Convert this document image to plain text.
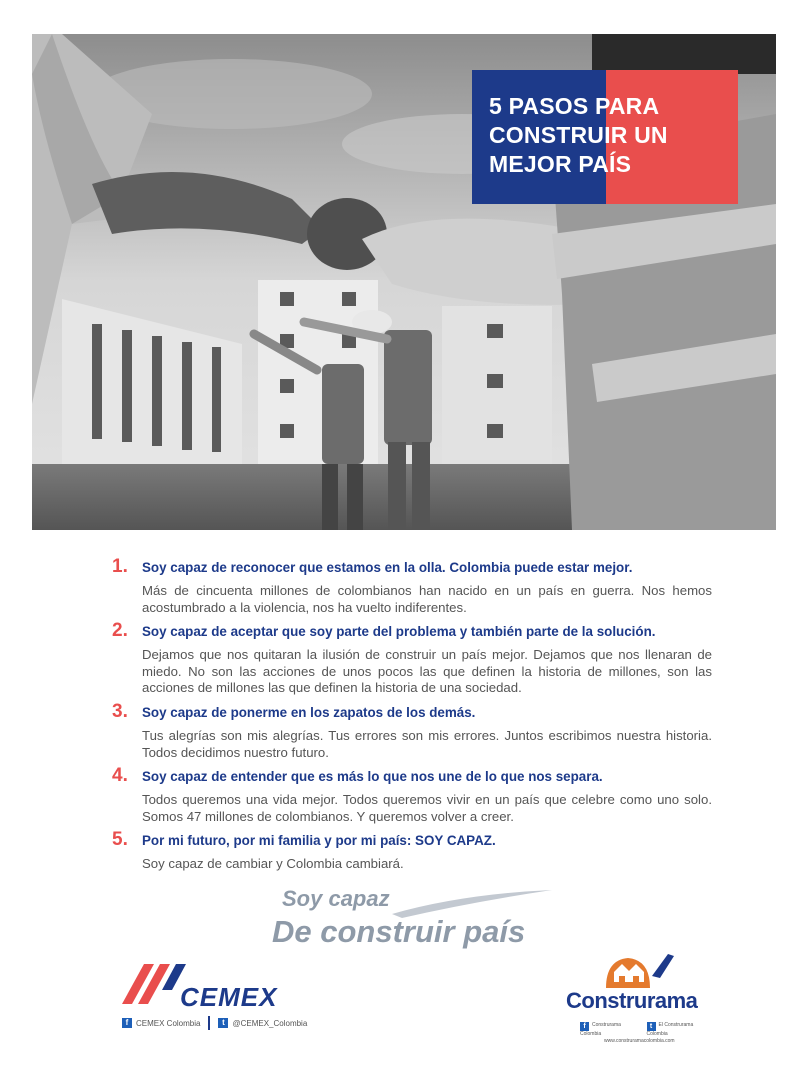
5 PASOS PARA
CONSTRUIR UN
MEJOR PAÍS
1.	Soy capaz de reconocer que estamos en la olla. Colombia puede estar mejor.
Más de cincuenta millones de colombianos han nacido en un país en guerra. Nos hemos acostumbrado a la violencia, nos ha vuelto indiferentes.
2.	Soy capaz de aceptar que soy parte del problema y también parte de la solución.
Dejamos que nos quitaran la ilusión de construir un país mejor. Dejamos que nos llenaran de miedo. No son las acciones de unos pocos las que definen la historia de millones, son las acciones de millones las que definen la historia de una sociedad.
3.	Soy capaz de ponerme en los zapatos de los demás.
Tus alegrías son mis alegrías. Tus errores son mis errores. Juntos escribimos nuestra historia. Todos decidimos nuestro futuro.
4.	Soy capaz de entender que es más lo que nos une de lo que nos separa.
Todos queremos una vida mejor. Todos queremos vivir en un país que celebre como uno solo. Somos 47 millones de colombianos. Y queremos volver a creer.
5.	Por mi futuro, por mi familia y por mi país: SOY CAPAZ.
Soy capaz de cambiar y Colombia cambiará.
Soy capaz
De construir país
CEMEX
f CEMEX Colombia	t @CEMEX_Colombia
Construrama
f Construrama Colombia
t El Construrama Colombia
www.construramacolombia.com
